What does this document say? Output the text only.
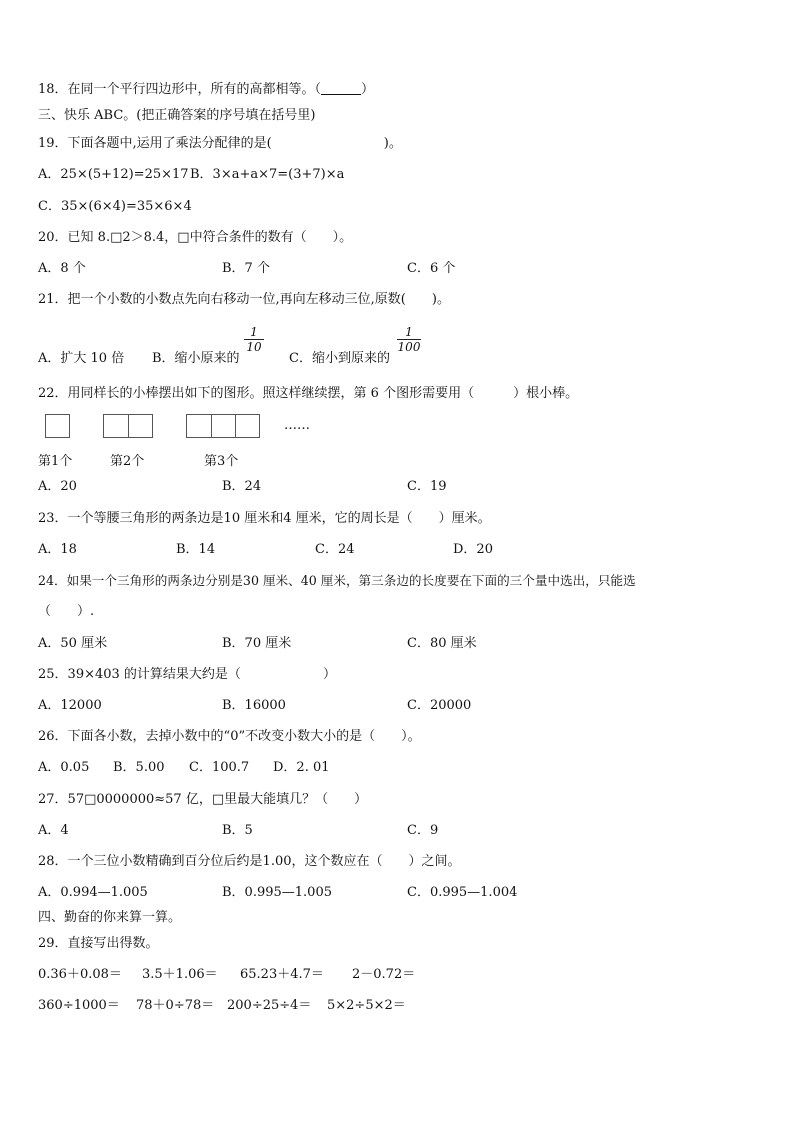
18．在同一个平行四边形中，所有的高都相等。（	）
三、快乐 ABC。(把正确答案的序号填在括号里)
19．下面各题中,运用了乘法分配律的是(	)。
A．25×(5+12)=25×17 B．3×a+a×7=(3+7)×a
C．35×(6×4)=35×6×4
20．已知 8.□2＞8.4，□中符合条件的数有（　　）。
A．8 个	B．7 个	C．6 个
21．把一个小数的小数点先向右移动一位,再向左移动三位,原数(　　)。
A．扩大 10 倍 B．缩小原来的
1
10
C．缩小到原来的
1
100
22．用同样长的小棒摆出如下的图形。照这样继续摆，第 6 个图形需要用（　　　）根小棒。
……
第1个	第2个	第3个
A．20	B．24	C．19
23．一个等腰三角形的两条边是10 厘米和4 厘米，它的周长是（　　）厘米。
A．18	B．14	C．24	D．20
24．如果一个三角形的两条边分别是30 厘米、40 厘米，第三条边的长度要在下面的三个量中选出，只能选
（　　）.
A．50 厘米	B．70 厘米	C．80 厘米
25．39×403 的计算结果大约是（	）
A．12000	B．16000	C．20000
26．下面各小数，去掉小数中的“0”不改变小数大小的是（　　）。
A．0.05 B．5.00 C．100.7 D．2. 01
27．57□0000000≈57 亿，□里最大能填几？（　　）
A．4	B．5	C．9
28．一个三位小数精确到百分位后约是1.00，这个数应在（　　）之间。
A．0.994—1.005	B．0.995—1.005	C．0.995—1.004
四、勤奋的你来算一算。
29．直接写出得数。
0.36＋0.08＝ 3.5＋1.06＝ 65.23＋4.7＝ 2－0.72＝
360÷1000＝ 78＋0÷78＝ 200÷25÷4＝ 5×2÷5×2＝
